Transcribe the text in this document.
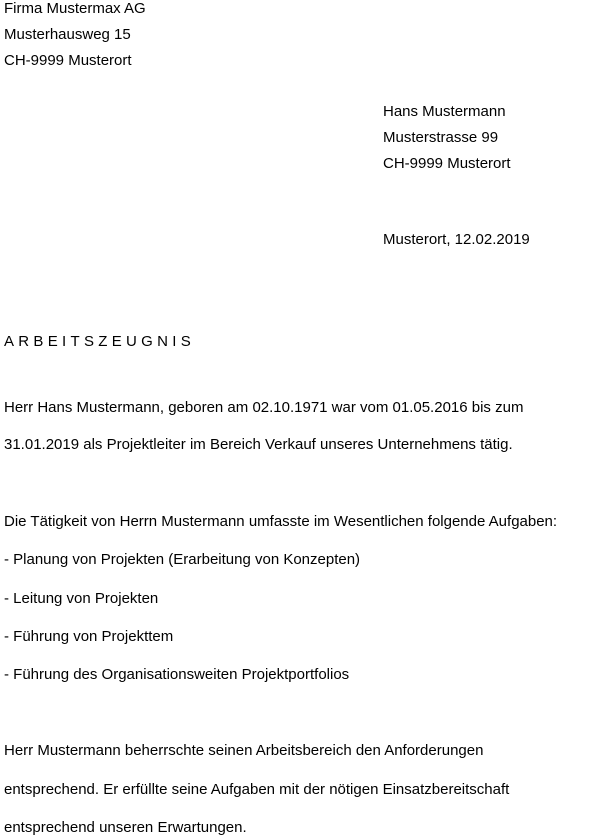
Firma Mustermax AG
Musterhausweg 15
CH-9999 Musterort
Hans Mustermann
Musterstrasse 99
CH-9999 Musterort
Musterort, 12.02.2019
ARBEITSZEUGNIS
Herr Hans Mustermann, geboren am 02.10.1971 war vom 01.05.2016 bis zum
31.01.2019 als Projektleiter im Bereich Verkauf unseres Unternehmens tätig.
Die Tätigkeit von Herrn Mustermann umfasste im Wesentlichen folgende Aufgaben:
- Planung von Projekten (Erarbeitung von Konzepten)
- Leitung von Projekten
- Führung von Projekttem
- Führung des Organisationsweiten Projektportfolios
Herr Mustermann beherrschte seinen Arbeitsbereich den Anforderungen
entsprechend. Er erfüllte seine Aufgaben mit der nötigen Einsatzbereitschaft
entsprechend unseren Erwartungen.
